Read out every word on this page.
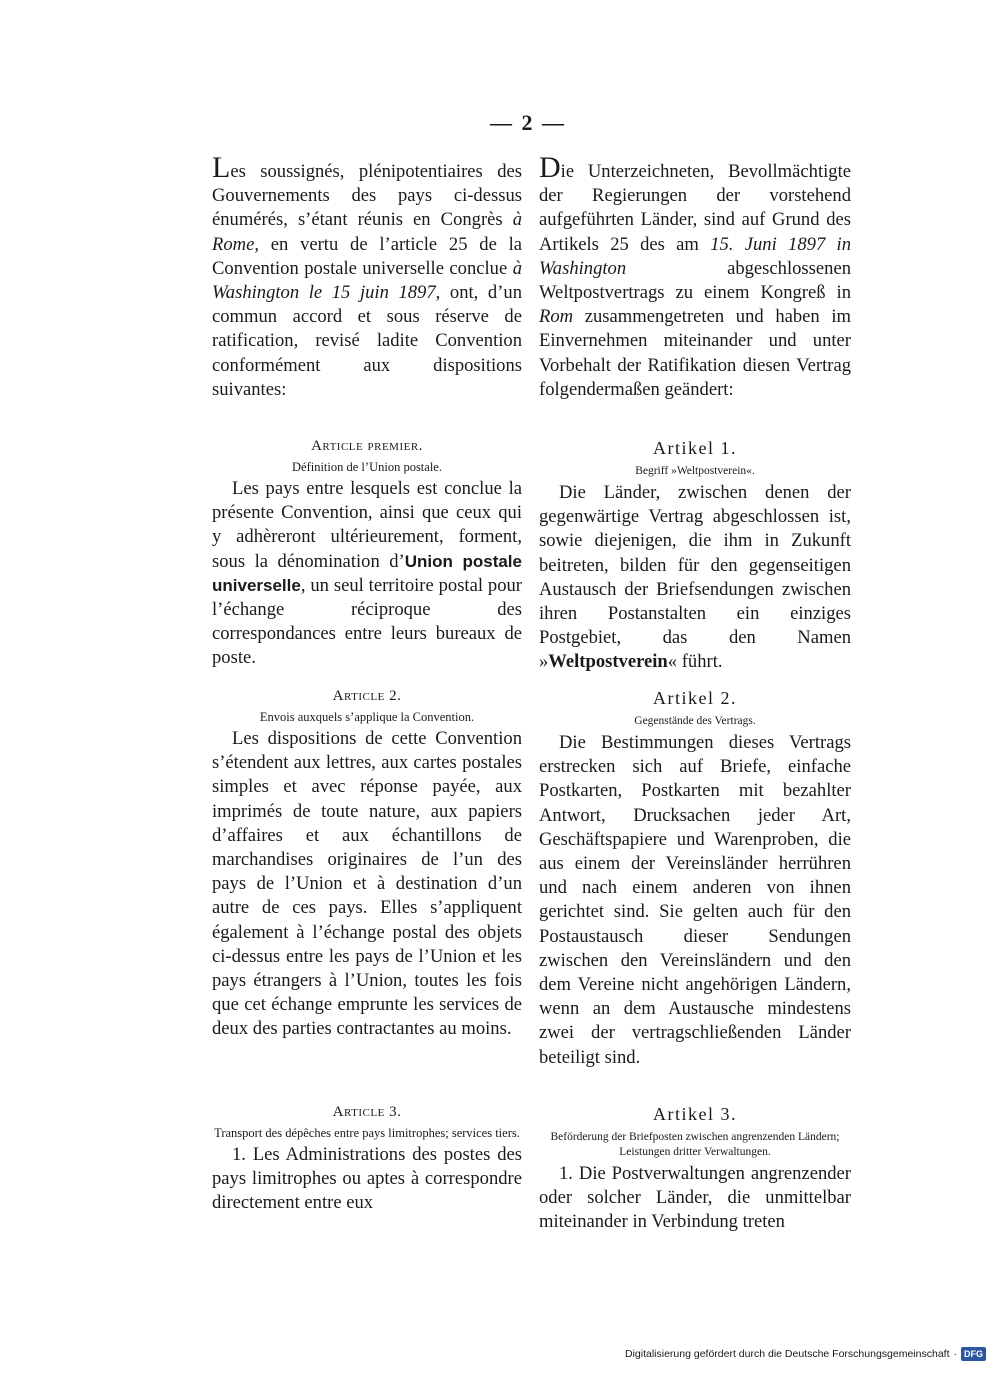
— 2 —

Les soussignés, plénipotentiaires des Gouvernements des pays ci-dessus énumérés, s’étant réunis en Congrès à Rome, en vertu de l’article 25 de la Convention postale universelle conclue à Washington le 15 juin 1897, ont, d’un commun accord et sous réserve de ratification, revisé ladite Convention conformément aux dispositions suivantes:

Article premier.
Définition de l’Union postale.

Les pays entre lesquels est conclue la présente Convention, ainsi que ceux qui y adhèreront ultérieurement, forment, sous la dénomination d’Union postale universelle, un seul territoire postal pour l’échange réciproque des correspondances entre leurs bureaux de poste.

Article 2.
Envois auxquels s’applique la Convention.

Les dispositions de cette Convention s’étendent aux lettres, aux cartes postales simples et avec réponse payée, aux imprimés de toute nature, aux papiers d’affaires et aux échantillons de marchandises originaires de l’un des pays de l’Union et à destination d’un autre de ces pays. Elles s’appliquent également à l’échange postal des objets ci-dessus entre les pays de l’Union et les pays étrangers à l’Union, toutes les fois que cet échange emprunte les services de deux des parties contractantes au moins.

Article 3.
Transport des dépêches entre pays limitrophes; services tiers.

1. Les Administrations des postes des pays limitrophes ou aptes à correspondre directement entre eux

Die Unterzeichneten, Bevollmächtigte der Regierungen der vorstehend aufgeführten Länder, sind auf Grund des Artikels 25 des am 15. Juni 1897 in Washington abgeschlossenen Weltpostvertrags zu einem Kongreß in Rom zusammengetreten und haben im Einvernehmen miteinander und unter Vorbehalt der Ratifikation diesen Vertrag folgendermaßen geändert:

Artikel 1.
Begriff »Weltpostverein«.

Die Länder, zwischen denen der gegenwärtige Vertrag abgeschlossen ist, sowie diejenigen, die ihm in Zukunft beitreten, bilden für den gegenseitigen Austausch der Briefsendungen zwischen ihren Postanstalten ein einziges Postgebiet, das den Namen »Weltpostverein« führt.

Artikel 2.
Gegenstände des Vertrags.

Die Bestimmungen dieses Vertrags erstrecken sich auf Briefe, einfache Postkarten, Postkarten mit bezahlter Antwort, Drucksachen jeder Art, Geschäftspapiere und Warenproben, die aus einem der Vereinsländer herrühren und nach einem anderen von ihnen gerichtet sind. Sie gelten auch für den Postaustausch dieser Sendungen zwischen den Vereinsländern und den dem Vereine nicht angehörigen Ländern, wenn an dem Austausche mindestens zwei der vertragschließenden Länder beteiligt sind.

Artikel 3.
Beförderung der Briefposten zwischen angrenzenden Ländern; Leistungen dritter Verwaltungen.

1. Die Postverwaltungen angrenzender oder solcher Länder, die unmittelbar miteinander in Verbindung treten

Digitalisierung gefördert durch die Deutsche Forschungsgemeinschaft · DFG
